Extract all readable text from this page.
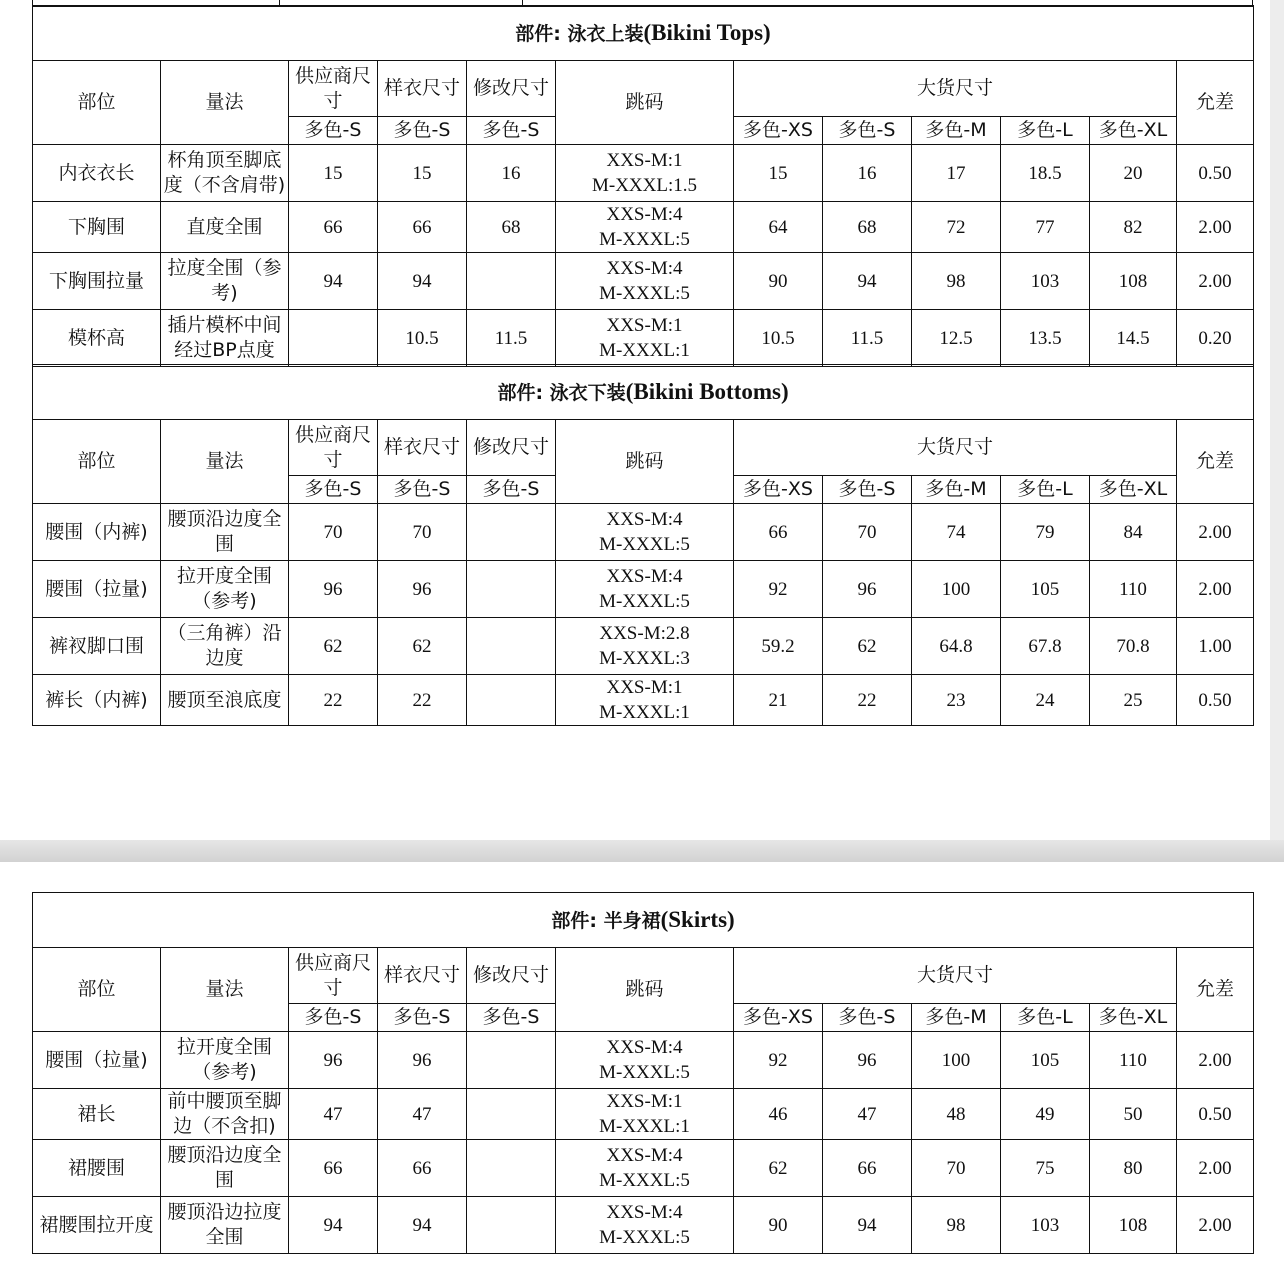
部件: 泳衣上装(Bikini Tops)											
部位	量法	供应商尺寸	样衣尺寸	修改尺寸	跳码	大货尺寸					允差
		多色-S	多色-S	多色-S		多色-XS	多色-S	多色-M	多色-L	多色-XL	
内衣衣长	杯角顶至脚底度（不含肩带)	15	15	16	XXS-M:1
M-XXXL:1.5	15	16	17	18.5	20	0.50
下胸围	直度全围	66	66	68	XXS-M:4
M-XXXL:5	64	68	72	77	82	2.00
下胸围拉量	拉度全围（参考)	94	94		XXS-M:4
M-XXXL:5	90	94	98	103	108	2.00
模杯高	插片模杯中间经过BP点度		10.5	11.5	XXS-M:1
M-XXXL:1	10.5	11.5	12.5	13.5	14.5	0.20
部件: 泳衣下装(Bikini Bottoms)											
部位	量法	供应商尺寸	样衣尺寸	修改尺寸	跳码	大货尺寸					允差
		多色-S	多色-S	多色-S		多色-XS	多色-S	多色-M	多色-L	多色-XL	
腰围（内裤)	腰顶沿边度全围	70	70		XXS-M:4
M-XXXL:5	66	70	74	79	84	2.00
腰围（拉量)	拉开度全围（参考)	96	96		XXS-M:4
M-XXXL:5	92	96	100	105	110	2.00
裤衩脚口围	（三角裤）沿边度	62	62		XXS-M:2.8
M-XXXL:3	59.2	62	64.8	67.8	70.8	1.00
裤长（内裤)	腰顶至浪底度	22	22		XXS-M:1
M-XXXL:1	21	22	23	24	25	0.50
部件: 半身裙(Skirts)											
部位	量法	供应商尺寸	样衣尺寸	修改尺寸	跳码	大货尺寸					允差
		多色-S	多色-S	多色-S		多色-XS	多色-S	多色-M	多色-L	多色-XL	
腰围（拉量)	拉开度全围（参考)	96	96		XXS-M:4
M-XXXL:5	92	96	100	105	110	2.00
裙长	前中腰顶至脚边（不含扣)	47	47		XXS-M:1
M-XXXL:1	46	47	48	49	50	0.50
裙腰围	腰顶沿边度全围	66	66		XXS-M:4
M-XXXL:5	62	66	70	75	80	2.00
裙腰围拉开度	腰顶沿边拉度全围	94	94		XXS-M:4
M-XXXL:5	90	94	98	103	108	2.00
